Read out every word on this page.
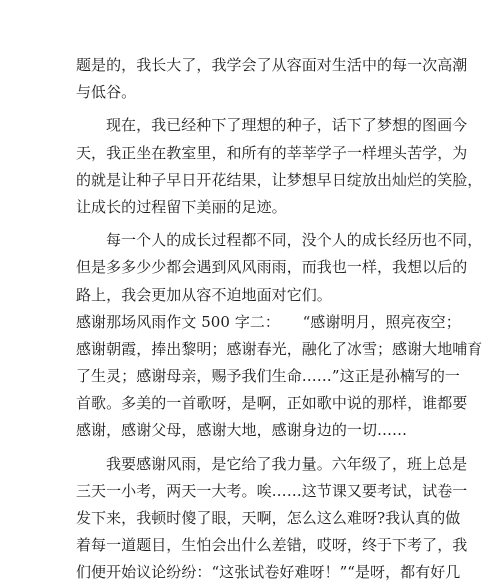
题是的，我长大了，我学会了从容面对生活中的每一次高潮
与低谷。
现在，我已经种下了理想的种子，话下了梦想的图画今
天，我正坐在教室里，和所有的莘莘学子一样埋头苦学，为
的就是让种子早日开花结果，让梦想早日绽放出灿烂的笑脸，
让成长的过程留下美丽的足迹。
每一个人的成长过程都不同，没个人的成长经历也不同，
但是多多少少都会遇到风风雨雨，而我也一样，我想以后的
路上，我会更加从容不迫地面对它们。
感谢那场风雨作文 500 字二：　　“感谢明月，照亮夜空；
感谢朝霞，捧出黎明；感谢春光，融化了冰雪；感谢大地哺育
了生灵；感谢母亲，赐予我们生命……”这正是孙楠写的一
首歌。多美的一首歌呀，是啊，正如歌中说的那样，谁都要
感谢，感谢父母，感谢大地，感谢身边的一切……
我要感谢风雨，是它给了我力量。六年级了，班上总是
三天一小考，两天一大考。唉……这节课又要考试，试卷一
发下来，我顿时傻了眼，天啊，怎么这么难呀?我认真的做
着每一道题目，生怕会出什么差错，哎呀，终于下考了，我
们便开始议论纷纷：“这张试卷好难呀！”“是呀，都有好几
